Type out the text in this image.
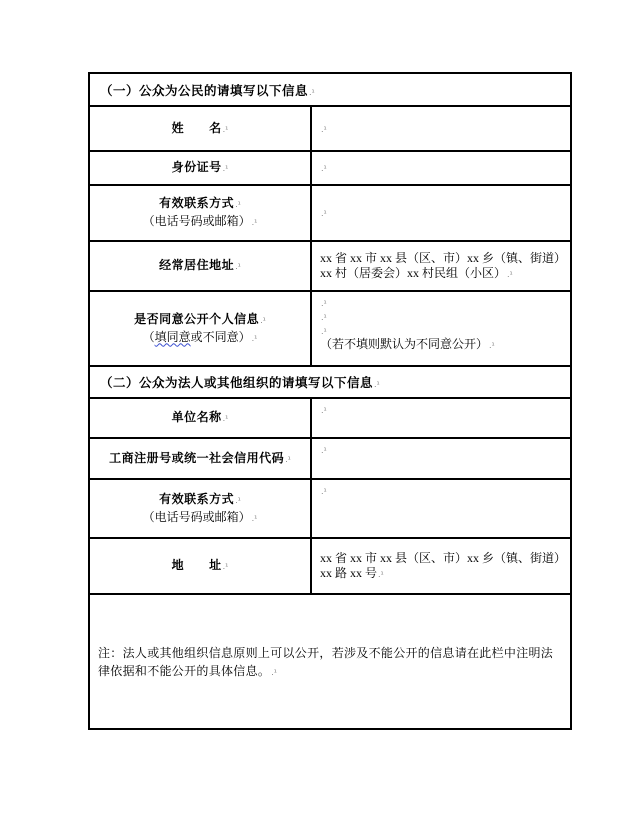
（一）公众为公民的请填写以下信息.¹	
姓　　名.¹	.¹
身份证号.¹	.¹

有效联系方式.¹
（电话号码或邮箱）.¹	.¹
经常居住地址.¹	xx 省 xx 市 xx 县（区、市）xx 乡（镇、街道）xx 村（居委会）xx 村民组（小区）.¹

是否同意公开个人信息.¹
（填同意或不同意）.¹

.¹
.¹
.¹
（若不填则默认为不同意公开）.¹

（二）公众为法人或其他组织的请填写以下信息.¹	
单位名称.¹	.¹
工商注册号或统一社会信用代码.¹	.¹

有效联系方式.¹
（电话号码或邮箱）.¹	.¹
地　　址.¹	xx 省 xx 市 xx 县（区、市）xx 乡（镇、街道）xx 路 xx 号.¹
注：法人或其他组织信息原则上可以公开，若涉及不能公开的信息请在此栏中注明法律依据和不能公开的具体信息。.¹	
